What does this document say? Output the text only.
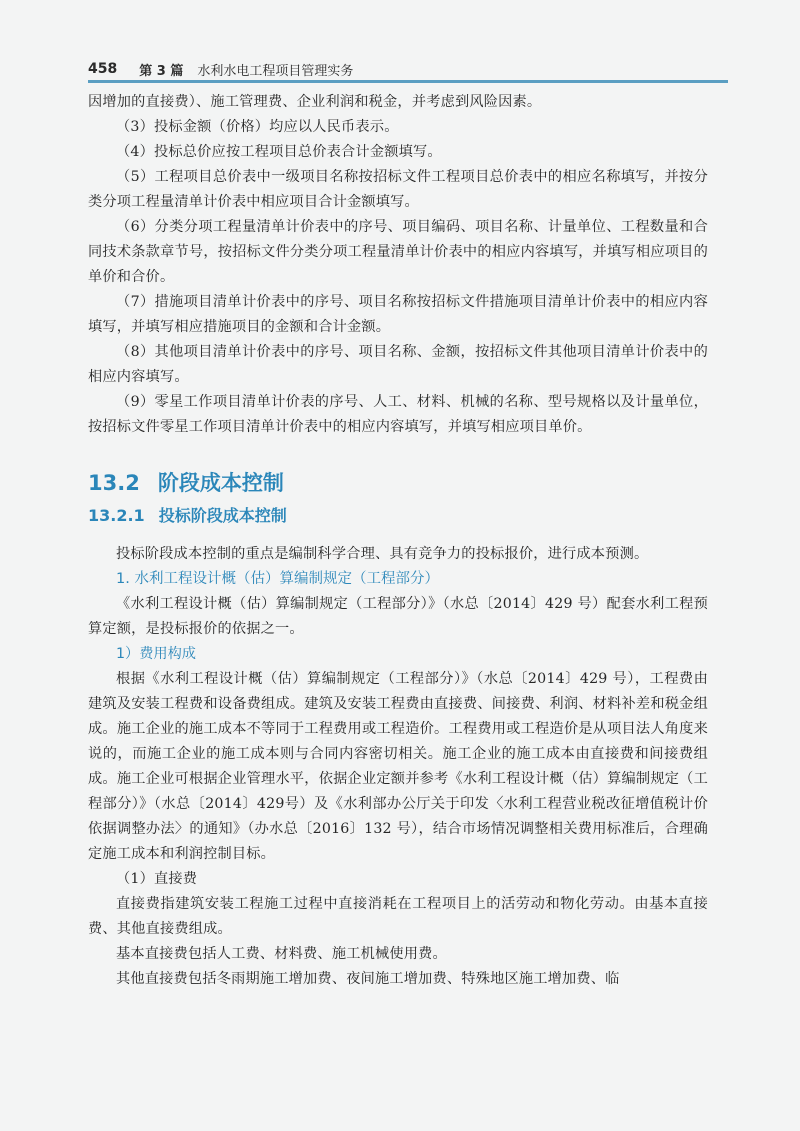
458 第 3 篇 水利水电工程项目管理实务

因增加的直接费）、施工管理费、企业利润和税金，并考虑到风险因素。

（3）投标金额（价格）均应以人民币表示。

（4）投标总价应按工程项目总价表合计金额填写。

（5）工程项目总价表中一级项目名称按招标文件工程项目总价表中的相应名称填写，并按分类分项工程量清单计价表中相应项目合计金额填写。

（6）分类分项工程量清单计价表中的序号、项目编码、项目名称、计量单位、工程数量和合同技术条款章节号，按招标文件分类分项工程量清单计价表中的相应内容填写，并填写相应项目的单价和合价。

（7）措施项目清单计价表中的序号、项目名称按招标文件措施项目清单计价表中的相应内容填写，并填写相应措施项目的金额和合计金额。

（8）其他项目清单计价表中的序号、项目名称、金额，按招标文件其他项目清单计价表中的相应内容填写。

（9）零星工作项目清单计价表的序号、人工、材料、机械的名称、型号规格以及计量单位，按招标文件零星工作项目清单计价表中的相应内容填写，并填写相应项目单价。

13.2 阶段成本控制
13.2.1 投标阶段成本控制

投标阶段成本控制的重点是编制科学合理、具有竞争力的投标报价，进行成本预测。

1. 水利工程设计概（估）算编制规定（工程部分）

《水利工程设计概（估）算编制规定（工程部分）》（水总〔2014〕429 号）配套水利工程预算定额，是投标报价的依据之一。

1）费用构成

根据《水利工程设计概（估）算编制规定（工程部分）》（水总〔2014〕429 号），工程费由建筑及安装工程费和设备费组成。建筑及安装工程费由直接费、间接费、利润、材料补差和税金组成。施工企业的施工成本不等同于工程费用或工程造价。工程费用或工程造价是从项目法人角度来说的，而施工企业的施工成本则与合同内容密切相关。施工企业的施工成本由直接费和间接费组成。施工企业可根据企业管理水平，依据企业定额并参考《水利工程设计概（估）算编制规定（工程部分）》（水总〔2014〕429号）及《水利部办公厅关于印发〈水利工程营业税改征增值税计价依据调整办法〉的通知》（办水总〔2016〕132 号），结合市场情况调整相关费用标准后，合理确定施工成本和利润控制目标。

（1）直接费

直接费指建筑安装工程施工过程中直接消耗在工程项目上的活劳动和物化劳动。由基本直接费、其他直接费组成。

基本直接费包括人工费、材料费、施工机械使用费。

其他直接费包括冬雨期施工增加费、夜间施工增加费、特殊地区施工增加费、临
